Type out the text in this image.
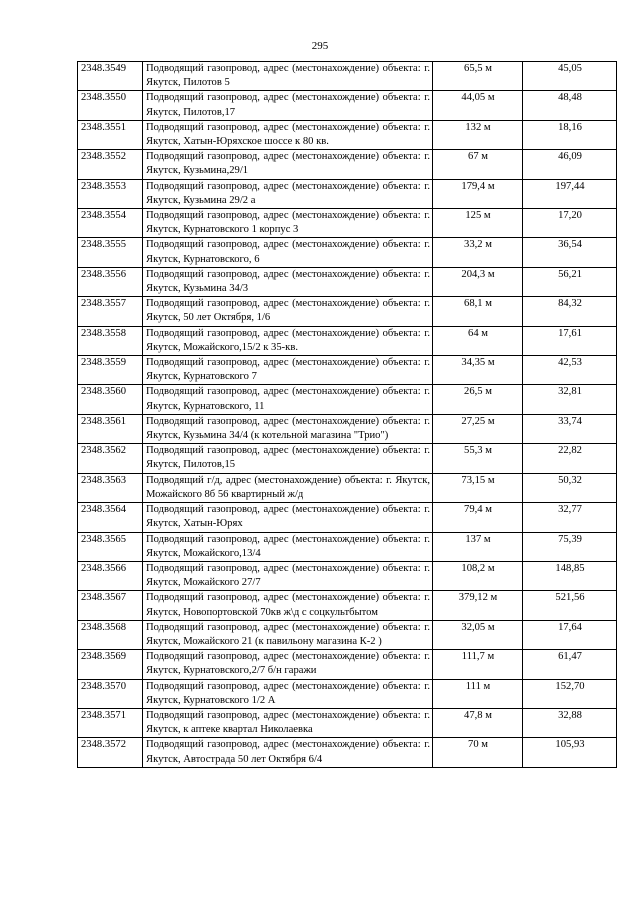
295
2348.3549	Подводящий газопровод, адрес (местонахождение) объекта: г. Якутск, Пилотов 5	65,5 м	45,05
2348.3550	Подводящий газопровод, адрес (местонахождение) объекта: г. Якутск, Пилотов,17	44,05 м	48,48
2348.3551	Подводящий газопровод, адрес (местонахождение) объекта: г. Якутск, Хатын-Юряхское шоссе к 80 кв.	132 м	18,16
2348.3552	Подводящий газопровод, адрес (местонахождение) объекта: г. Якутск, Кузьмина,29/1	67 м	46,09
2348.3553	Подводящий газопровод, адрес (местонахождение) объекта: г. Якутск, Кузьмина 29/2 а	179,4 м	197,44
2348.3554	Подводящий газопровод, адрес (местонахождение) объекта: г. Якутск, Курнатовского 1 корпус 3	125 м	17,20
2348.3555	Подводящий газопровод, адрес (местонахождение) объекта: г. Якутск, Курнатовского, 6	33,2 м	36,54
2348.3556	Подводящий газопровод, адрес (местонахождение) объекта: г. Якутск, Кузьмина 34/3	204,3 м	56,21
2348.3557	Подводящий газопровод, адрес (местонахождение) объекта: г. Якутск, 50 лет Октября, 1/6	68,1 м	84,32
2348.3558	Подводящий газопровод, адрес (местонахождение) объекта: г. Якутск, Можайского,15/2 к 35-кв.	64 м	17,61
2348.3559	Подводящий газопровод, адрес (местонахождение) объекта: г. Якутск, Курнатовского 7	34,35 м	42,53
2348.3560	Подводящий газопровод, адрес (местонахождение) объекта: г. Якутск, Курнатовского, 11	26,5 м	32,81
2348.3561	Подводящий газопровод, адрес (местонахождение) объекта: г. Якутск, Кузьмина 34/4 (к котельной магазина "Трио")	27,25 м	33,74
2348.3562	Подводящий газопровод, адрес (местонахождение) объекта: г. Якутск, Пилотов,15	55,3 м	22,82
2348.3563	Подводящий г/д, адрес (местонахождение) объекта: г. Якутск, Можайского 8б 56 квартирный ж/д	73,15 м	50,32
2348.3564	Подводящий газопровод, адрес (местонахождение) объекта: г. Якутск, Хатын-Юрях	79,4 м	32,77
2348.3565	Подводящий газопровод, адрес (местонахождение) объекта: г. Якутск, Можайского,13/4	137 м	75,39
2348.3566	Подводящий газопровод, адрес (местонахождение) объекта: г. Якутск, Можайского 27/7	108,2 м	148,85
2348.3567	Подводящий газопровод, адрес (местонахождение) объекта: г. Якутск, Новопортовской 70кв ж\д с соцкультбытом	379,12 м	521,56
2348.3568	Подводящий газопровод, адрес (местонахождение) объекта: г. Якутск, Можайского 21 (к павильону магазина К-2 )	32,05 м	17,64
2348.3569	Подводящий газопровод, адрес (местонахождение) объекта: г. Якутск, Курнатовского,2/7 б/н гаражи	111,7 м	61,47
2348.3570	Подводящий газопровод, адрес (местонахождение) объекта: г. Якутск, Курнатовского 1/2 А	111 м	152,70
2348.3571	Подводящий газопровод, адрес (местонахождение) объекта: г. Якутск, к аптеке квартал Николаевка	47,8 м	32,88
2348.3572	Подводящий газопровод, адрес (местонахождение) объекта: г. Якутск, Автострада 50 лет Октября 6/4	70 м	105,93
